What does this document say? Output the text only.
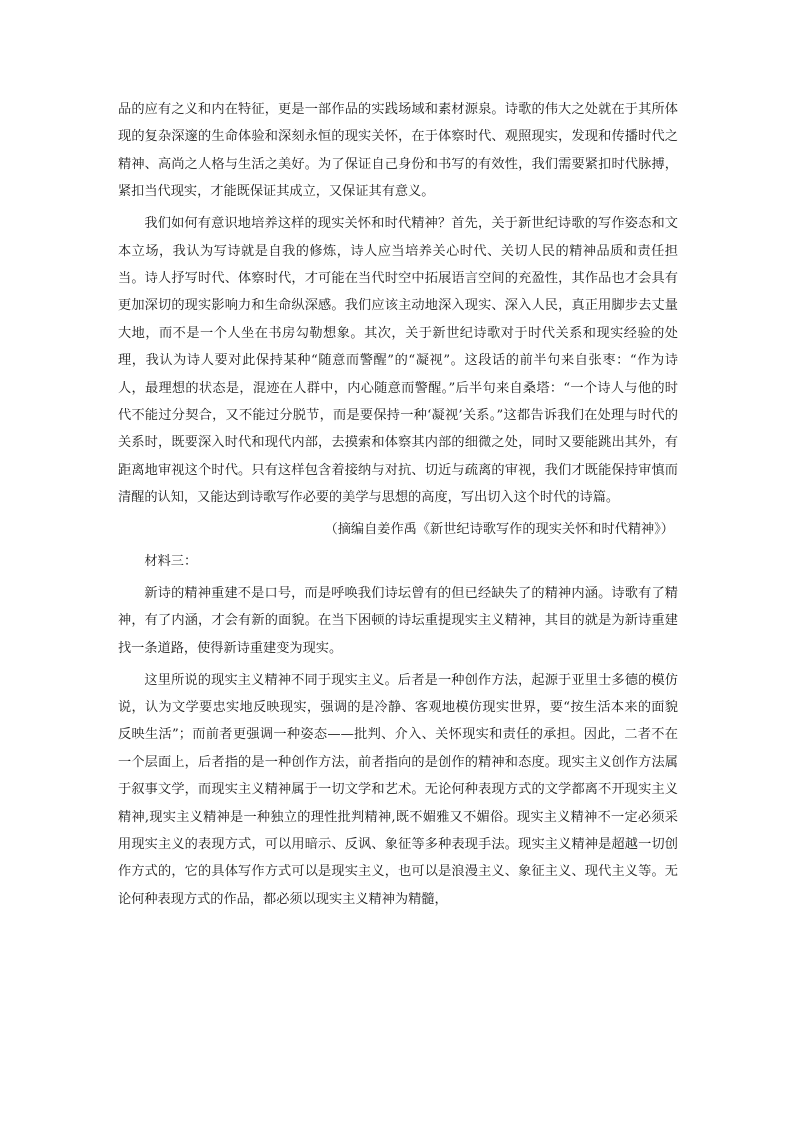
品的应有之义和内在特征，更是一部作品的实践场域和素材源泉。诗歌的伟大之处就在于其所体现的复杂深邃的生命体验和深刻永恒的现实关怀，在于体察时代、观照现实，发现和传播时代之精神、高尚之人格与生活之美好。为了保证自己身份和书写的有效性，我们需要紧扣时代脉搏，紧扣当代现实，才能既保证其成立，又保证其有意义。

我们如何有意识地培养这样的现实关怀和时代精神？首先，关于新世纪诗歌的写作姿态和文本立场，我认为写诗就是自我的修炼，诗人应当培养关心时代、关切人民的精神品质和责任担当。诗人抒写时代、体察时代，才可能在当代时空中拓展语言空间的充盈性，其作品也才会具有更加深切的现实影响力和生命纵深感。我们应该主动地深入现实、深入人民，真正用脚步去丈量大地，而不是一个人坐在书房勾勒想象。其次，关于新世纪诗歌对于时代关系和现实经验的处理，我认为诗人要对此保持某种“随意而警醒”的“凝视”。这段话的前半句来自张枣：“作为诗人，最理想的状态是，混迹在人群中，内心随意而警醒。”后半句来自桑塔：“一个诗人与他的时代不能过分契合，又不能过分脱节，而是要保持一种‘凝视’关系。”这都告诉我们在处理与时代的关系时，既要深入时代和现代内部，去摸索和体察其内部的细微之处，同时又要能跳出其外，有距离地审视这个时代。只有这样包含着接纳与对抗、切近与疏离的审视，我们才既能保持审慎而清醒的认知，又能达到诗歌写作必要的美学与思想的高度，写出切入这个时代的诗篇。

（摘编自姜作禹《新世纪诗歌写作的现实关怀和时代精神》）

材料三：

新诗的精神重建不是口号，而是呼唤我们诗坛曾有的但已经缺失了的精神内涵。诗歌有了精神，有了内涵，才会有新的面貌。在当下困顿的诗坛重提现实主义精神，其目的就是为新诗重建找一条道路，使得新诗重建变为现实。

这里所说的现实主义精神不同于现实主义。后者是一种创作方法，起源于亚里士多德的模仿说，认为文学要忠实地反映现实，强调的是冷静、客观地模仿现实世界，要“按生活本来的面貌反映生活”；而前者更强调一种姿态——批判、介入、关怀现实和责任的承担。因此，二者不在一个层面上，后者指的是一种创作方法，前者指向的是创作的精神和态度。现实主义创作方法属于叙事文学，而现实主义精神属于一切文学和艺术。无论何种表现方式的文学都离不开现实主义精神,现实主义精神是一种独立的理性批判精神,既不媚雅又不媚俗。现实主义精神不一定必须采用现实主义的表现方式，可以用暗示、反讽、象征等多种表现手法。现实主义精神是超越一切创作方式的，它的具体写作方式可以是现实主义，也可以是浪漫主义、象征主义、现代主义等。无论何种表现方式的作品，都必须以现实主义精神为精髓，
